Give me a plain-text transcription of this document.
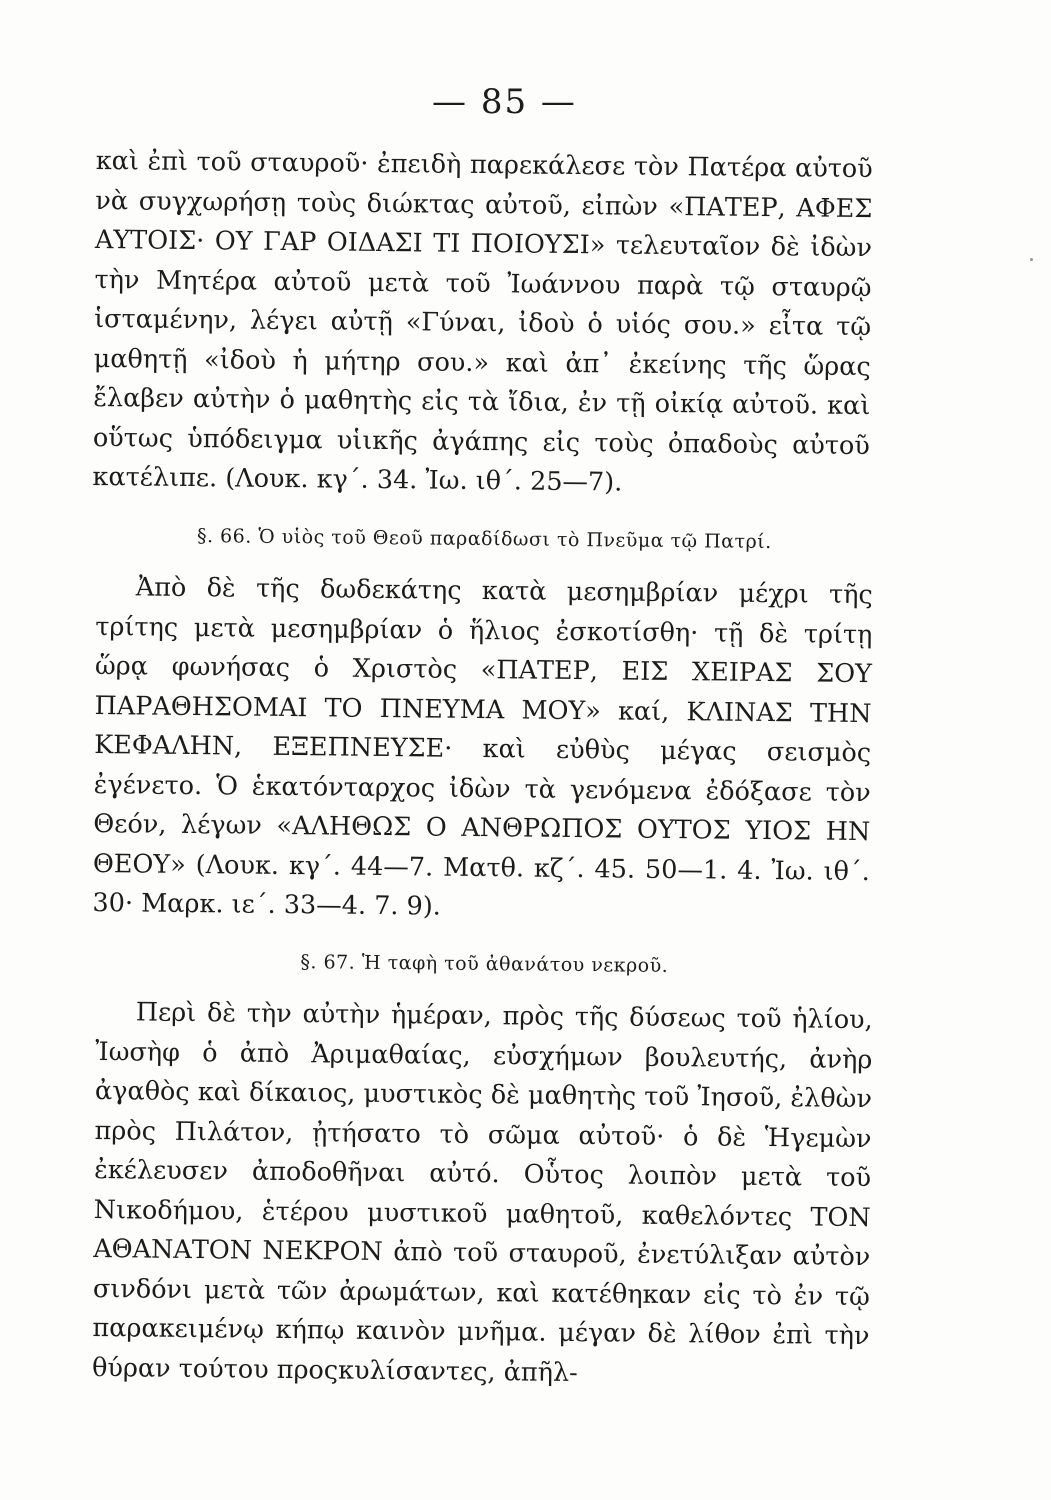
— 85 —

καὶ ἐπὶ τοῦ σταυροῦ· ἐπειδὴ παρεκάλεσε τὸν Πατέρα αὐτοῦ νὰ συγχωρήσῃ τοὺς διώκτας αὐτοῦ, εἰπὼν «ΠΑΤΕΡ, ΑΦΕΣ ΑΥΤΟΙΣ· ΟΥ ΓΑΡ ΟΙΔΑΣΙ ΤΙ ΠΟΙΟΥΣΙ» τελευταῖον δὲ ἰδὼν τὴν Μητέρα αὐτοῦ μετὰ τοῦ Ἰωάννου παρὰ τῷ σταυρῷ ἱσταμένην, λέγει αὐτῇ «Γύναι, ἰδοὺ ὁ υἱός σου.» εἶτα τῷ μαθητῇ «ἰδοὺ ἡ μήτηρ σου.» καὶ ἀπ᾽ ἐκείνης τῆς ὥρας ἔλαβεν αὐτὴν ὁ μαθητὴς εἰς τὰ ἴδια, ἐν τῇ οἰκίᾳ αὐτοῦ. καὶ οὕτως ὑπόδειγμα υἱικῆς ἀγάπης εἰς τοὺς ὀπαδοὺς αὐτοῦ κατέλιπε. (Λουκ. κγ΄. 34. Ἰω. ιθ΄. 25—7).

§. 66. Ὁ υἱὸς τοῦ Θεοῦ παραδίδωσι τὸ Πνεῦμα τῷ Πατρί.

Ἀπὸ δὲ τῆς δωδεκάτης κατὰ μεσημβρίαν μέχρι τῆς τρίτης μετὰ μεσημβρίαν ὁ ἥλιος ἐσκοτίσθη· τῇ δὲ τρίτῃ ὥρᾳ φωνήσας ὁ Χριστὸς «ΠΑΤΕΡ, ΕΙΣ ΧΕΙΡΑΣ ΣΟΥ ΠΑΡΑΘΗΣΟΜΑΙ ΤΟ ΠΝΕΥΜΑ ΜΟΥ» καί, ΚΛΙΝΑΣ ΤΗΝ ΚΕΦΑΛΗΝ, ΕΞΕΠΝΕΥΣΕ· καὶ εὐθὺς μέγας σεισμὸς ἐγένετο. Ὁ ἑκατόνταρχος ἰδὼν τὰ γενόμενα ἐδόξασε τὸν Θεόν, λέγων «ΑΛΗΘΩΣ Ο ΑΝΘΡΩΠΟΣ ΟΥΤΟΣ ΥΙΟΣ ΗΝ ΘΕΟΥ» (Λουκ. κγ΄. 44—7. Ματθ. κζ΄. 45. 50—1. 4. Ἰω. ιθ΄. 30· Μαρκ. ιε΄. 33—4. 7. 9).

§. 67. Ἡ ταφὴ τοῦ ἀθανάτου νεκροῦ.

Περὶ δὲ τὴν αὐτὴν ἡμέραν, πρὸς τῆς δύσεως τοῦ ἡλίου, Ἰωσὴφ ὁ ἀπὸ Ἀριμαθαίας, εὐσχήμων βουλευτής, ἀνὴρ ἀγαθὸς καὶ δίκαιος, μυστικὸς δὲ μαθητὴς τοῦ Ἰησοῦ, ἐλθὼν πρὸς Πιλάτον, ᾐτήσατο τὸ σῶμα αὐτοῦ· ὁ δὲ Ἡγεμὼν ἐκέλευσεν ἀποδοθῆναι αὐτό. Οὗτος λοιπὸν μετὰ τοῦ Νικοδήμου, ἑτέρου μυστικοῦ μαθητοῦ, καθελόντες ΤΟΝ ΑΘΑΝΑΤΟΝ ΝΕΚΡΟΝ ἀπὸ τοῦ σταυροῦ, ἐνετύλιξαν αὐτὸν σινδόνι μετὰ τῶν ἀρωμάτων, καὶ κατέθηκαν εἰς τὸ ἐν τῷ παρακειμένῳ κήπῳ καινὸν μνῆμα. μέγαν δὲ λίθον ἐπὶ τὴν θύραν τούτου προςκυλίσαντες, ἀπῆλ-
